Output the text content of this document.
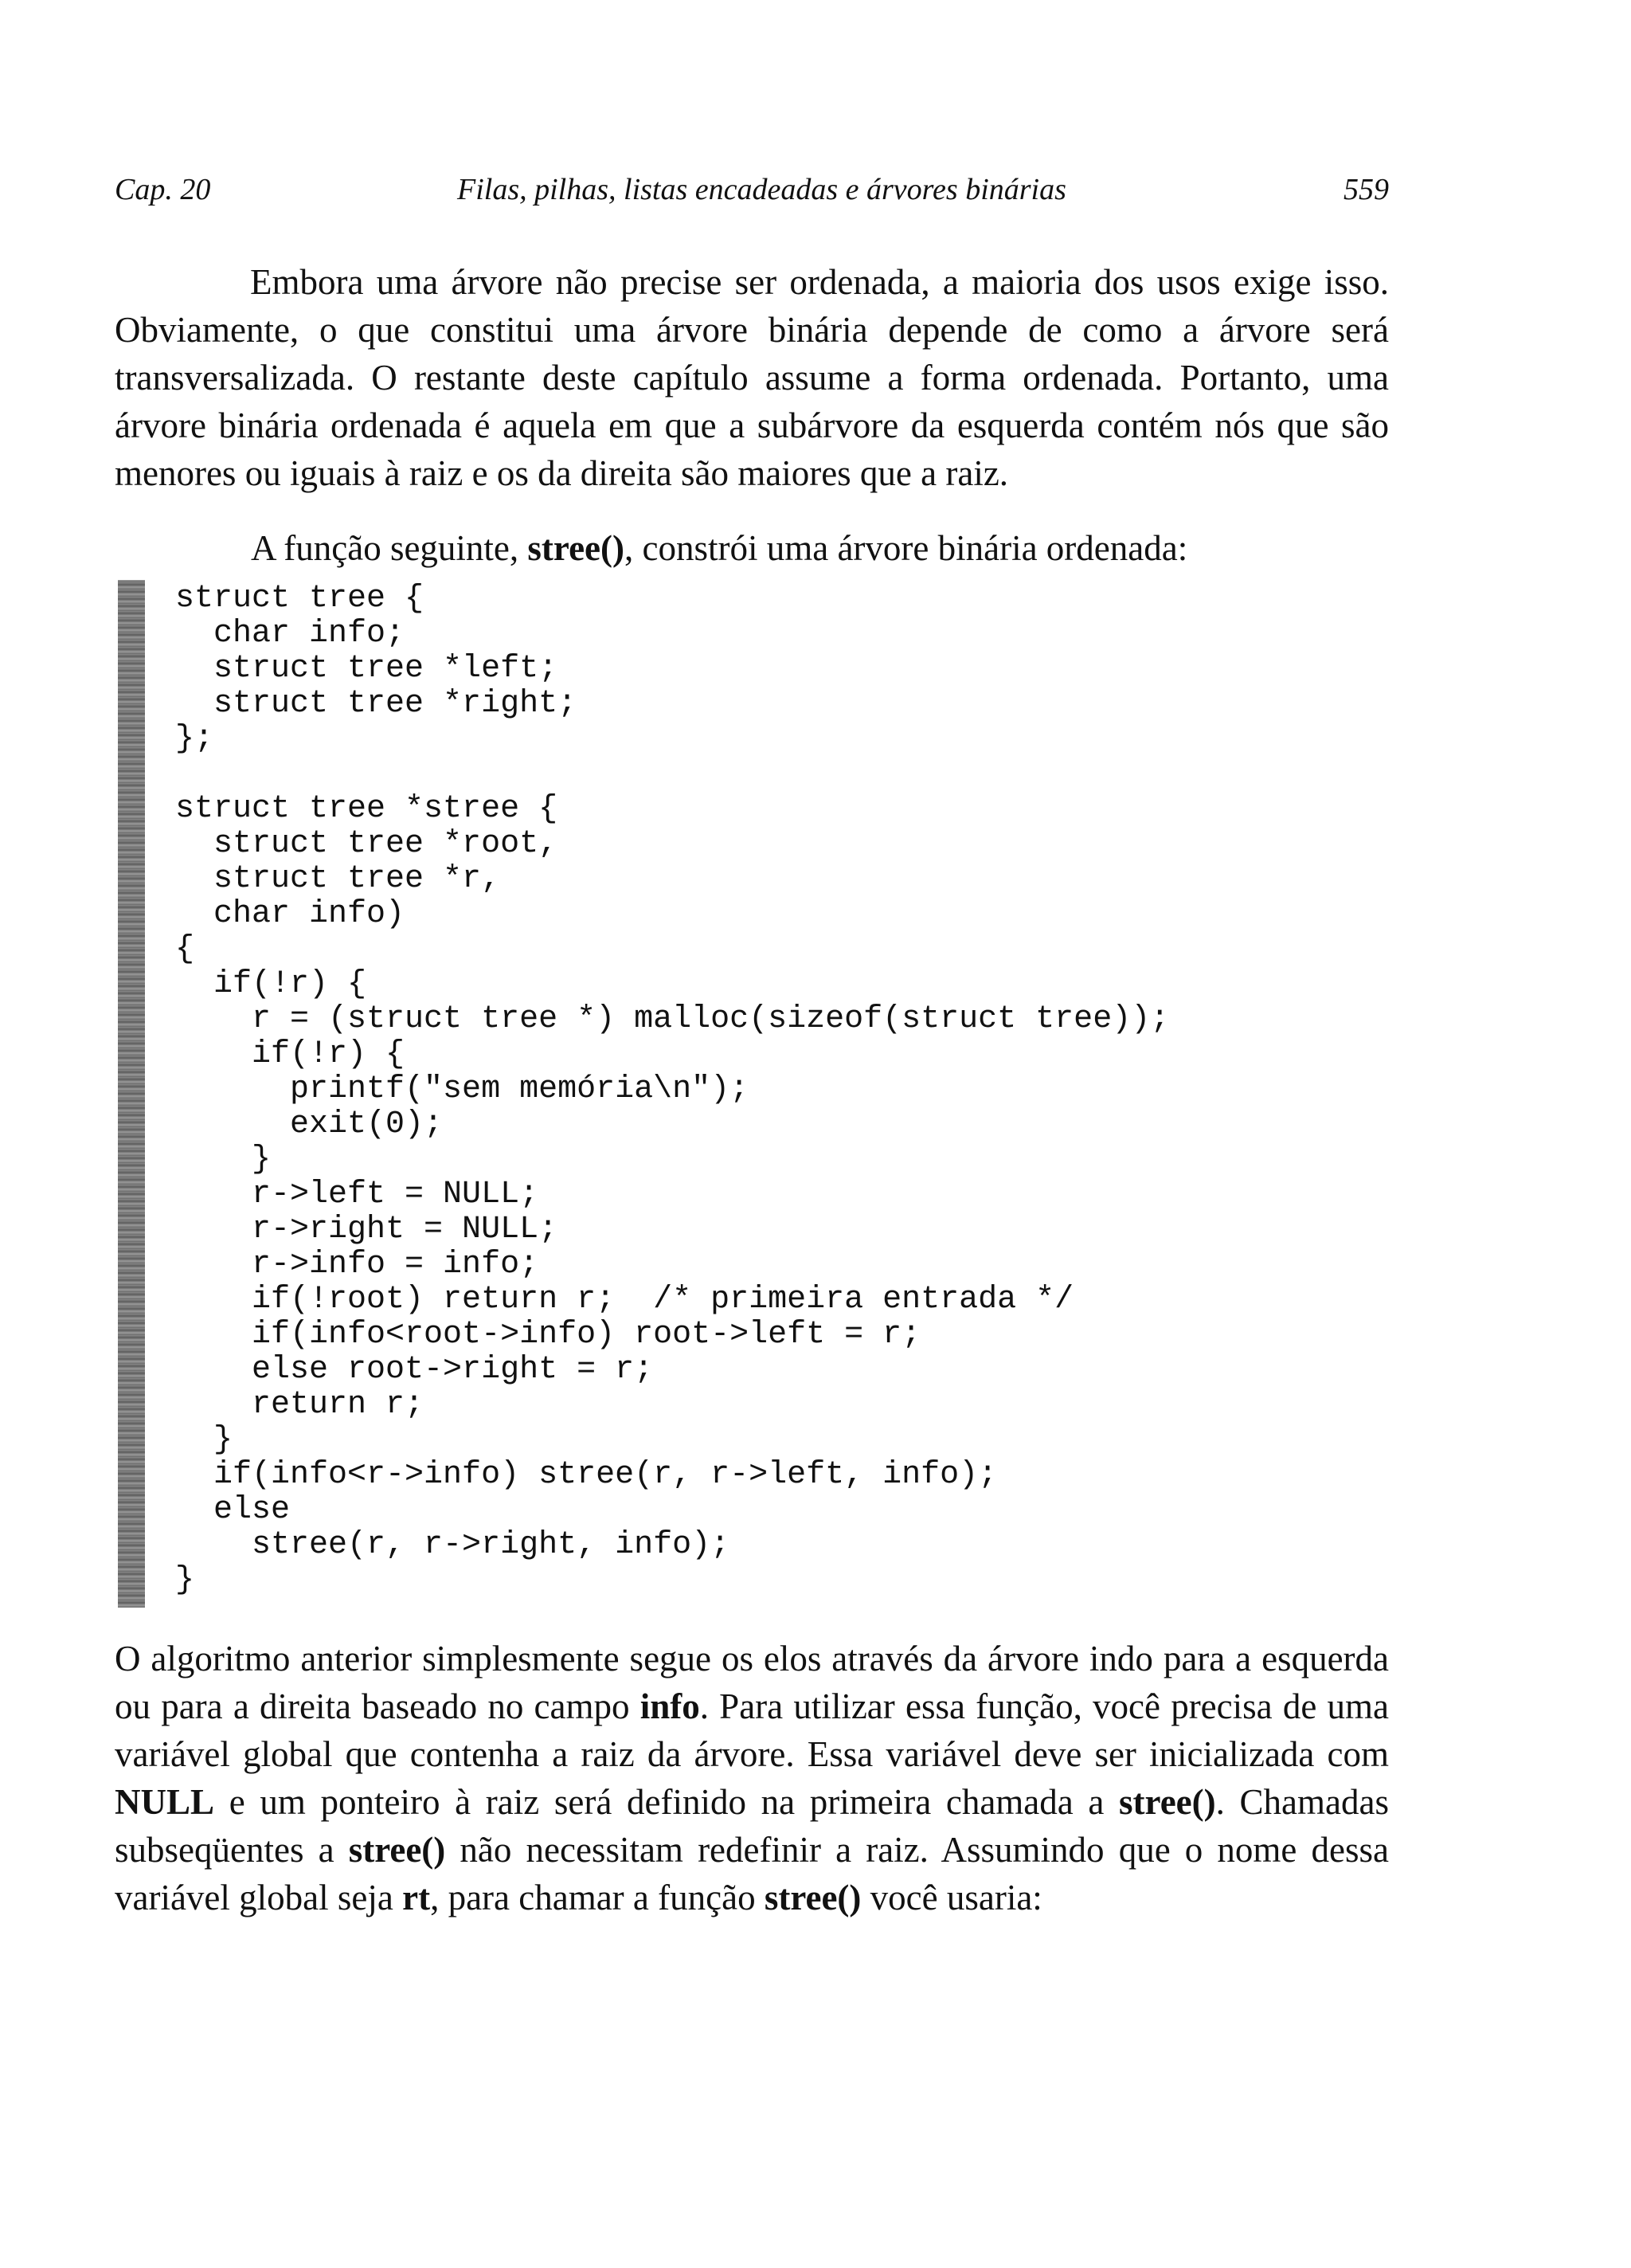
Cap. 20	Filas, pilhas, listas encadeadas e árvores binárias	559

Embora uma árvore não precise ser ordenada, a maioria dos usos exige isso. Obviamente, o que constitui uma árvore binária depende de como a árvore será transversalizada. O restante deste capítulo assume a forma ordenada. Portanto, uma árvore binária ordenada é aquela em que a subárvore da esquerda contém nós que são menores ou iguais à raiz e os da direita são maiores que a raiz.

A função seguinte, stree(), constrói uma árvore binária ordenada:

struct tree {
char info;
struct tree *left;
struct tree *right;
};

struct tree *stree {
struct tree *root,
struct tree *r,
char info)
{
if(!r) {
r = (struct tree *) malloc(sizeof(struct tree));
if(!r) {
printf("sem memória\n");
exit(0);
}
r->left = NULL;
r->right = NULL;
r->info = info;
if(!root) return r;  /* primeira entrada */
if(info<root->info) root->left = r;
else root->right = r;
return r;
}
if(info<r->info) stree(r, r->left, info);
else
stree(r, r->right, info);
}

O algoritmo anterior simplesmente segue os elos através da árvore indo para a esquerda ou para a direita baseado no campo info. Para utilizar essa função, você precisa de uma variável global que contenha a raiz da árvore. Essa variável deve ser inicializada com NULL e um ponteiro à raiz será definido na primeira chamada a stree(). Chamadas subseqüentes a stree() não necessitam redefinir a raiz. Assumindo que o nome dessa variável global seja rt, para chamar a função stree() você usaria:
